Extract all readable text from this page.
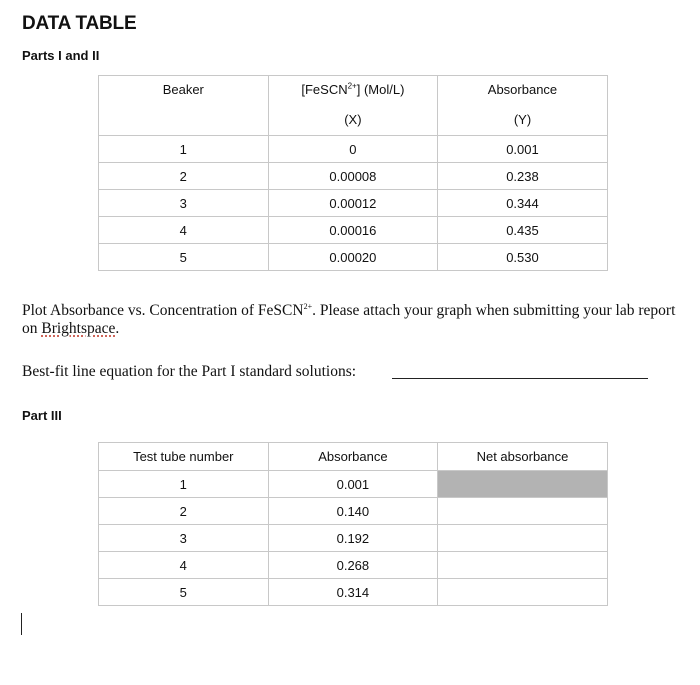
DATA TABLE

Parts I and II

Beaker	[FeSCN$^{2+}$] (Mol/L)	Absorbance
	(X)	(Y)
1	0	0.001
2	0.00008	0.238
3	0.00012	0.344
4	0.00016	0.435
5	0.00020	0.530

Plot Absorbance vs. Concentration of FeSCN$^{2+}$. Please attach your graph when submitting your lab report on Brightspace.

Best-fit line equation for the Part I standard solutions:

Part III

Test tube number	Absorbance	Net absorbance
1	0.001	
2	0.140	
3	0.192	
4	0.268	
5	0.314	
